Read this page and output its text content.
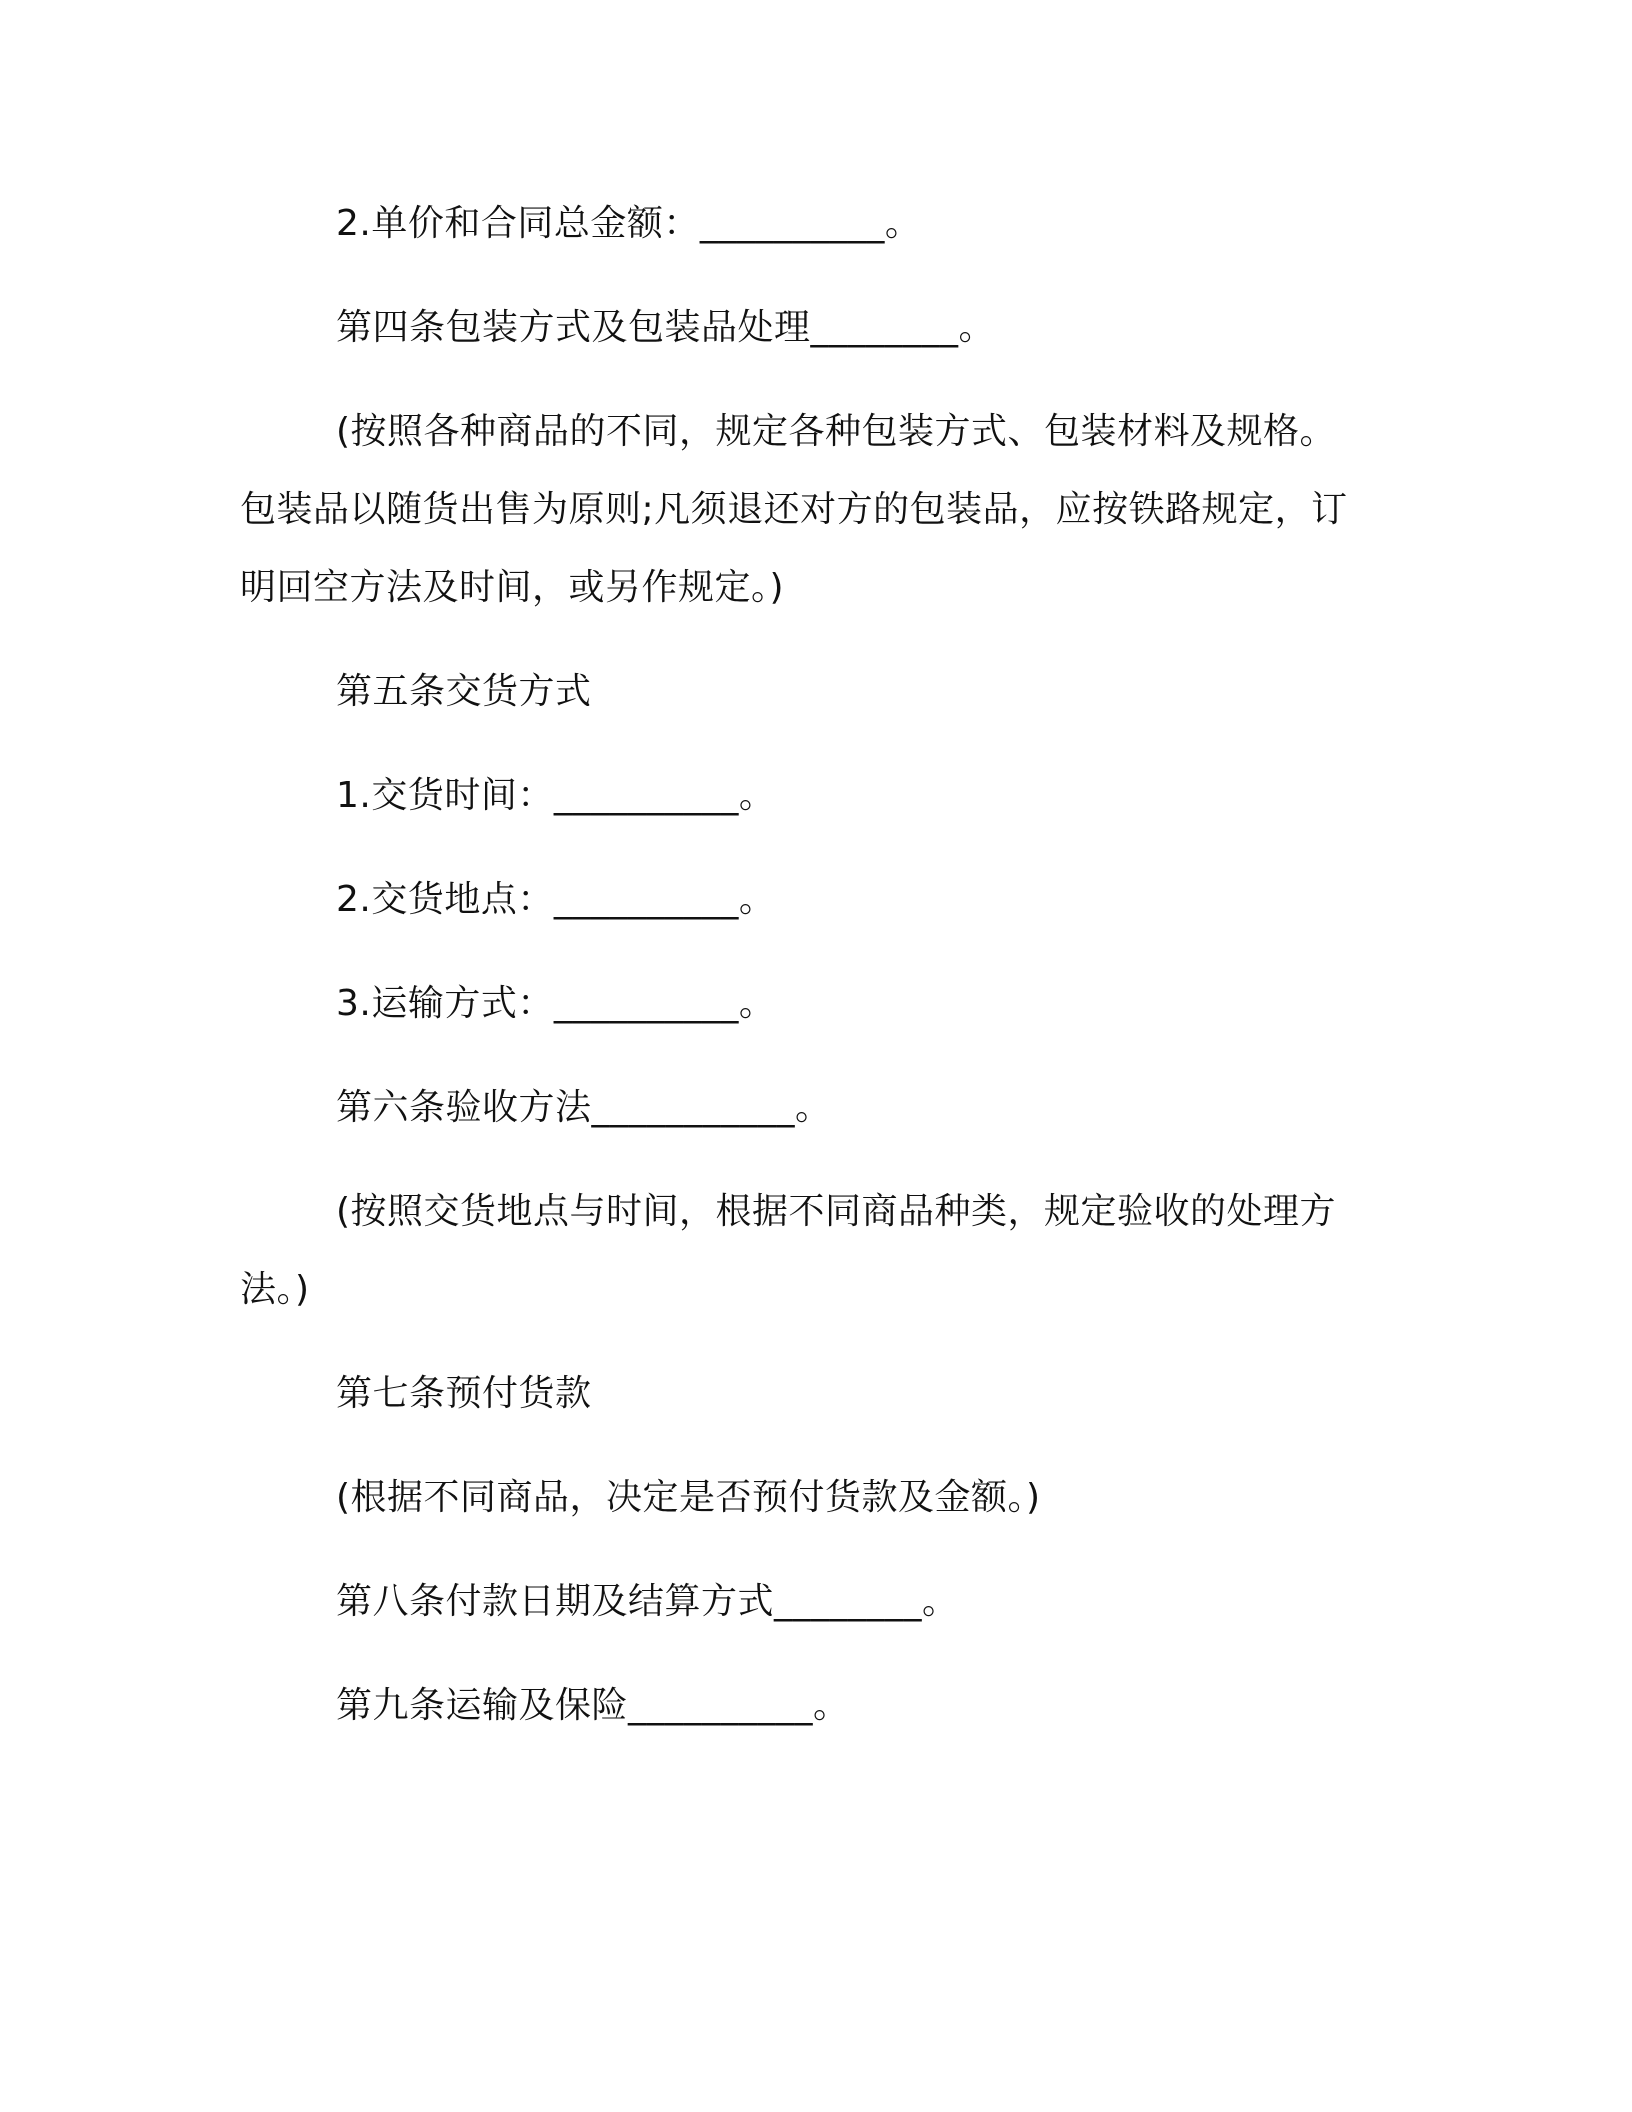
2.单价和合同总金额：__________。

第四条包装方式及包装品处理________。

(按照各种商品的不同，规定各种包装方式、包装材料及规格。包装品以随货出售为原则;凡须退还对方的包装品，应按铁路规定，订明回空方法及时间，或另作规定。)

第五条交货方式

1.交货时间：__________。

2.交货地点：__________。

3.运输方式：__________。

第六条验收方法___________。

(按照交货地点与时间，根据不同商品种类，规定验收的处理方法。)

第七条预付货款

(根据不同商品，决定是否预付货款及金额。)

第八条付款日期及结算方式________。

第九条运输及保险__________。
